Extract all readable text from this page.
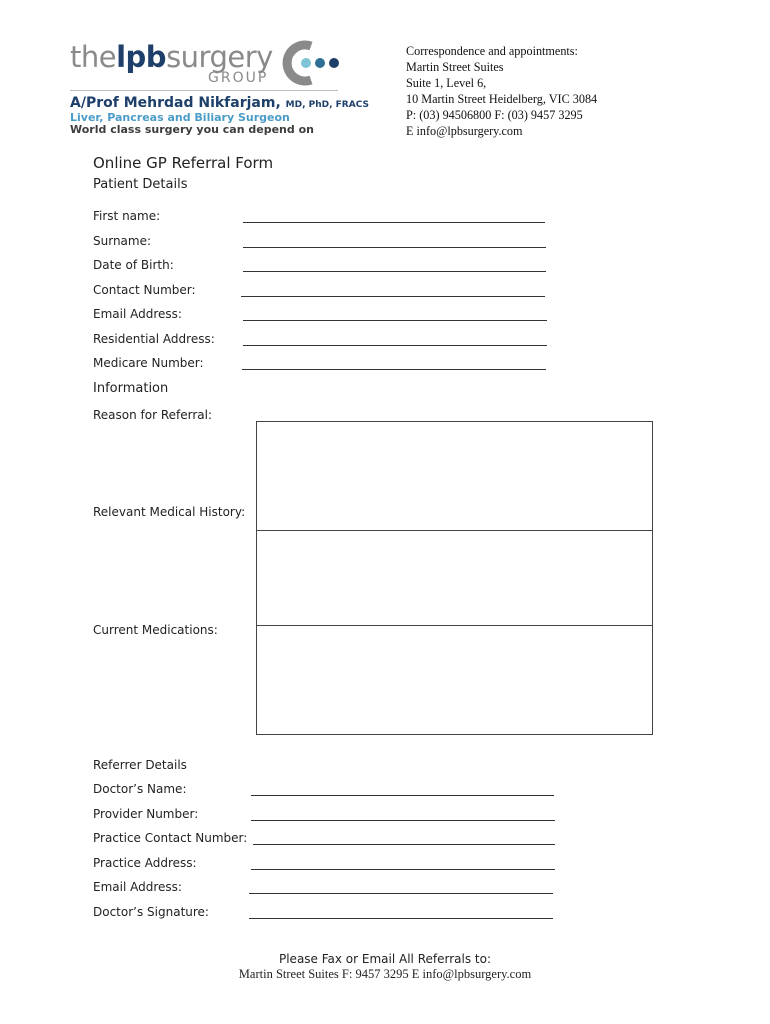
thelpbsurgery
GROUP
A/Prof Mehrdad Nikfarjam, MD, PhD, FRACS
Liver, Pancreas and Biliary Surgeon
World class surgery you can depend on
Correspondence and appointments:
Martin Street Suites
Suite 1, Level 6,
10 Martin Street Heidelberg, VIC 3084
P: (03) 94506800 F: (03) 9457 3295
E info@lpbsurgery.com
Online GP Referral Form
Patient Details
First name:
Surname:
Date of Birth:
Contact Number:
Email Address:
Residential Address:
Medicare Number:
Information
Reason for Referral:
Relevant Medical History:
Current Medications:
Referrer Details
Doctor’s Name:
Provider Number:
Practice Contact Number:
Practice Address:
Email Address:
Doctor’s Signature:
Please Fax or Email All Referrals to:
Martin Street Suites F: 9457 3295 E info@lpbsurgery.com
